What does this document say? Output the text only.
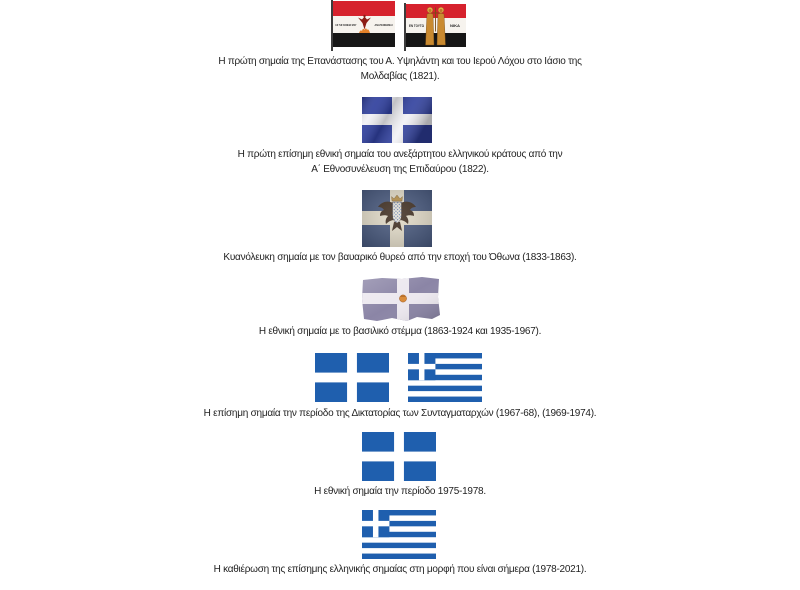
ΕΚ ΤΗΣ ΚΟΝΕΩΣ ΜΟΥ	ΑΝΑΓΕΝΝΩΜΑΙ	ΕΝ ΤΟΥΤΩ	ΝΙΚΑ
Η πρώτη σημαία της Επανάστασης του Α. Υψηλάντη και του Ιερού Λόχου στο Ιάσιο της
Μολδαβίας (1821).
Η πρώτη επίσημη εθνική σημαία του ανεξάρτητου ελληνικού κράτους από την
Α΄ Εθνοσυνέλευση της Επιδαύρου (1822).
Κυανόλευκη σημαία με τον βαυαρικό θυρεό από την εποχή του Όθωνα (1833-1863).
Η εθνική σημαία με το βασιλικό στέμμα (1863-1924 και 1935-1967).
Η επίσημη σημαία την περίοδο της Δικτατορίας των Συνταγματαρχών (1967-68), (1969-1974).
Η εθνική σημαία την περίοδο 1975-1978.
Η καθιέρωση της επίσημης ελληνικής σημαίας στη μορφή που είναι σήμερα (1978-2021).
